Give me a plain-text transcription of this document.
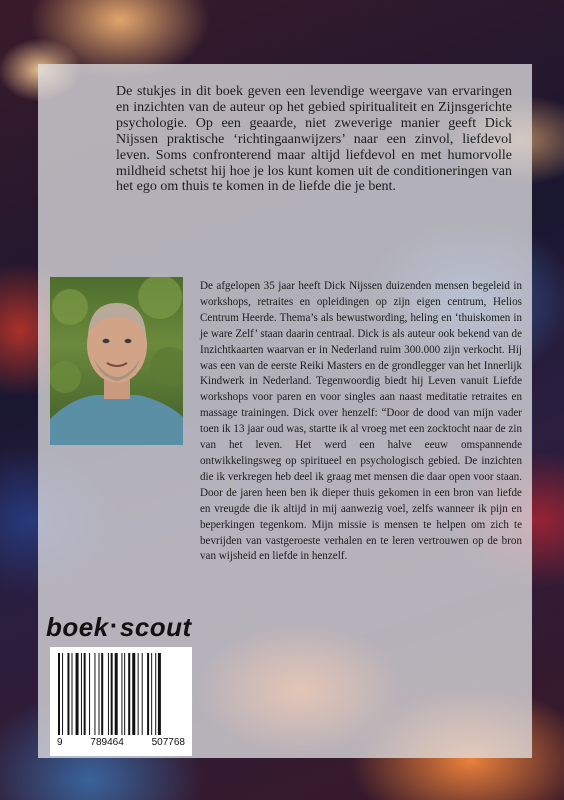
De stukjes in dit boek geven een levendige weergave van ervaringen en inzichten van de auteur op het gebied spiritualiteit en Zijnsgerichte psychologie. Op een geaarde, niet zweverige manier geeft Dick Nijssen praktische ‘richtingaanwijzers’ naar een zinvol, liefdevol leven. Soms confronterend maar altijd liefdevol en met humorvolle mildheid schetst hij hoe je los kunt komen uit de conditioneringen van het ego om thuis te komen in de liefde die je bent.

De afgelopen 35 jaar heeft Dick Nijssen duizenden mensen begeleid in workshops, retraites en opleidingen op zijn eigen centrum, Helios Centrum Heerde. Thema’s als bewustwording, heling en ‘thuiskomen in je ware Zelf’ staan daarin centraal. Dick is als auteur ook bekend van de Inzichtkaarten waarvan er in Nederland ruim 300.000 zijn verkocht. Hij was een van de eerste Reiki Masters en de grondlegger van het Innerlijk Kindwerk in Nederland. Tegenwoordig biedt hij Leven vanuit Liefde workshops voor paren en voor singles aan naast meditatie retraites en massage trainingen. Dick over henzelf: “Door de dood van mijn vader toen ik 13 jaar oud was, startte ik al vroeg met een zocktocht naar de zin van het leven. Het werd een halve eeuw omspannende ontwikkelingsweg op spiritueel en psychologisch gebied. De inzichten die ik verkregen heb deel ik graag met mensen die daar open voor staan. Door de jaren heen ben ik dieper thuis gekomen in een bron van liefde en vreugde die ik altijd in mij aanwezig voel, zelfs wanneer ik pijn en beperkingen tegenkom. Mijn missie is mensen te helpen om zich te bevrijden van vastgeroeste verhalen en te leren vertrouwen op de bron van wijsheid en liefde in henzelf.

boek·scout
9	789464	507768
